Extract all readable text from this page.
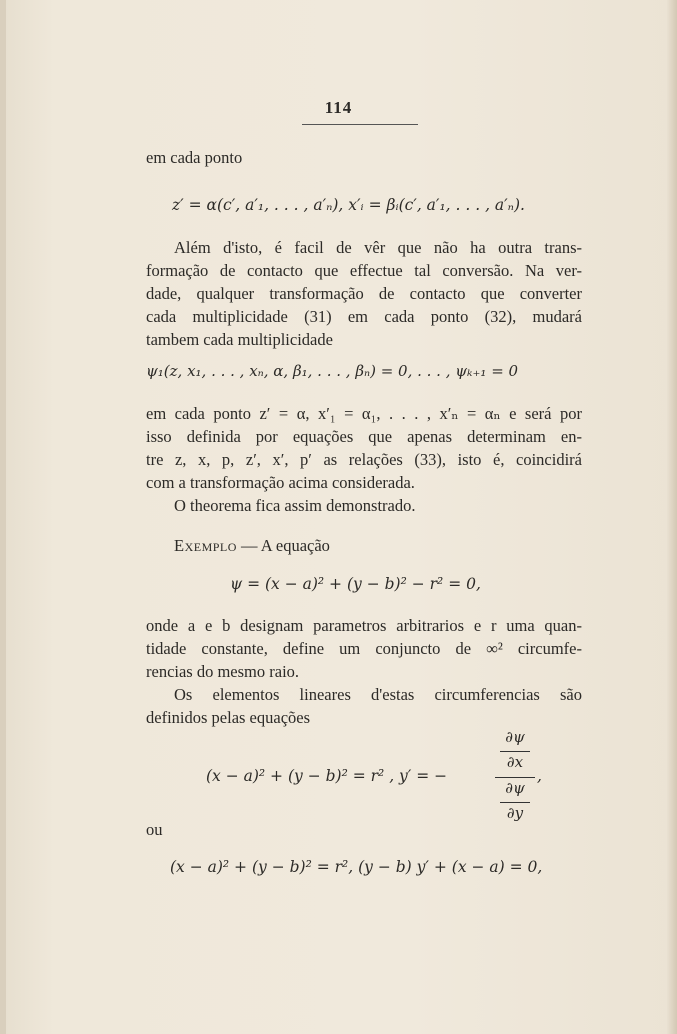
114
em cada ponto
z′ = α(c′, a′₁, . . . , a′ₙ), x′ᵢ = βᵢ(c′, a′₁, . . . , a′ₙ).
Além d'isto, é facil de vêr que não ha outra trans-
formação de contacto que effectue tal conversão. Na ver-
dade, qualquer transformação de contacto que converter
cada multiplicidade (31) em cada ponto (32), mudará
tambem cada multiplicidade
ψ₁(z, x₁, . . . , xₙ, α, β₁, . . . , βₙ) = 0, . . . , ψₖ₊₁ = 0
em cada ponto z′ = α, x′₁ = α₁, . . . , x′ₙ = αₙ e será por
isso definida por equações que apenas determinam en-
tre z, x, p, z′, x′, p′ as relações (33), isto é, coincidirá
com a transformação acima considerada.
O theorema fica assim demonstrado.
Exemplo — A equação
ψ = (x − a)² + (y − b)² − r² = 0,
onde a e b designam parametros arbitrarios e r uma quan-
tidade constante, define um conjuncto de ∞² circumfe-
rencias do mesmo raio.
Os elementos lineares d'estas circumferencias são
definidos pelas equações
(x − a)² + (y − b)² = r² , y′ = −
∂ψ
∂x
∂ψ
∂y
,
ou
(x − a)² + (y − b)² = r², (y − b) y′ + (x − a) = 0,
